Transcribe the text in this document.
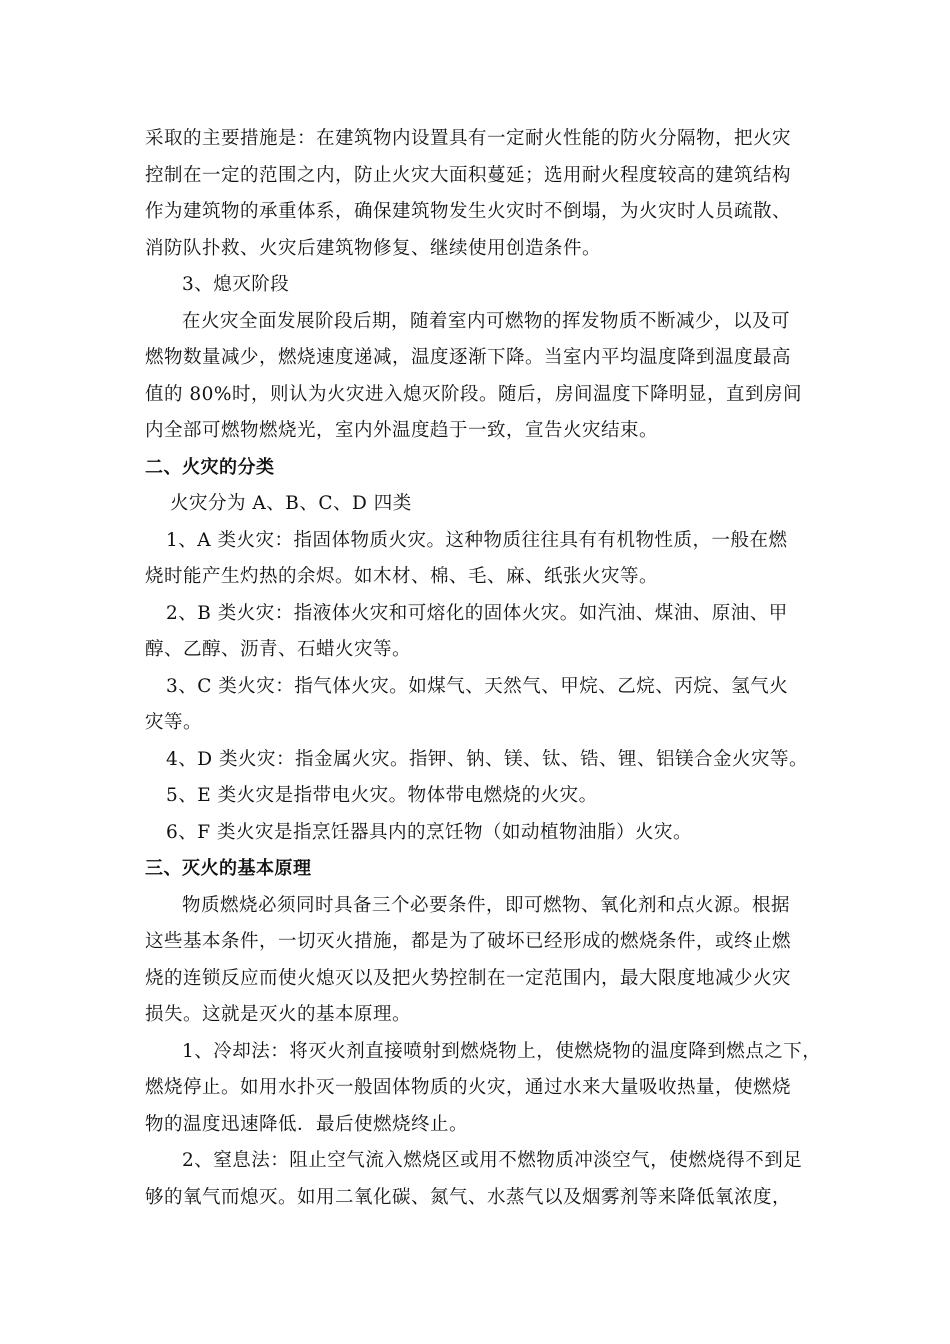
采取的主要措施是：在建筑物内设置具有一定耐火性能的防火分隔物，把火灾
控制在一定的范围之内，防止火灾大面积蔓延；选用耐火程度较高的建筑结构
作为建筑物的承重体系，确保建筑物发生火灾时不倒塌，为火灾时人员疏散、
消防队扑救、火灾后建筑物修复、继续使用创造条件。
3、熄灭阶段
在火灾全面发展阶段后期，随着室内可燃物的挥发物质不断减少，以及可
燃物数量减少，燃烧速度递减，温度逐渐下降。当室内平均温度降到温度最高
值的 80%时，则认为火灾进入熄灭阶段。随后，房间温度下降明显，直到房间
内全部可燃物燃烧光，室内外温度趋于一致，宣告火灾结束。
二、火灾的分类
火灾分为 A、B、C、D 四类
1、A 类火灾：指固体物质火灾。这种物质往往具有有机物性质，一般在燃
烧时能产生灼热的余烬。如木材、棉、毛、麻、纸张火灾等。
2、B 类火灾：指液体火灾和可熔化的固体火灾。如汽油、煤油、原油、甲
醇、乙醇、沥青、石蜡火灾等。
3、C 类火灾：指气体火灾。如煤气、天然气、甲烷、乙烷、丙烷、氢气火
灾等。
4、D 类火灾：指金属火灾。指钾、钠、镁、钛、锆、锂、铝镁合金火灾等。
5、E 类火灾是指带电火灾。物体带电燃烧的火灾。
6、F 类火灾是指烹饪器具内的烹饪物（如动植物油脂）火灾。
三、灭火的基本原理
物质燃烧必须同时具备三个必要条件，即可燃物、氧化剂和点火源。根据
这些基本条件，一切灭火措施，都是为了破坏已经形成的燃烧条件，或终止燃
烧的连锁反应而使火熄灭以及把火势控制在一定范围内，最大限度地减少火灾
损失。这就是灭火的基本原理。
1、冷却法：将灭火剂直接喷射到燃烧物上，使燃烧物的温度降到燃点之下，
燃烧停止。如用水扑灭一般固体物质的火灾，通过水来大量吸收热量，使燃烧
物的温度迅速降低．最后使燃烧终止。
2、窒息法：阻止空气流入燃烧区或用不燃物质冲淡空气，使燃烧得不到足
够的氧气而熄灭。如用二氧化碳、氮气、水蒸气以及烟雾剂等来降低氧浓度，
